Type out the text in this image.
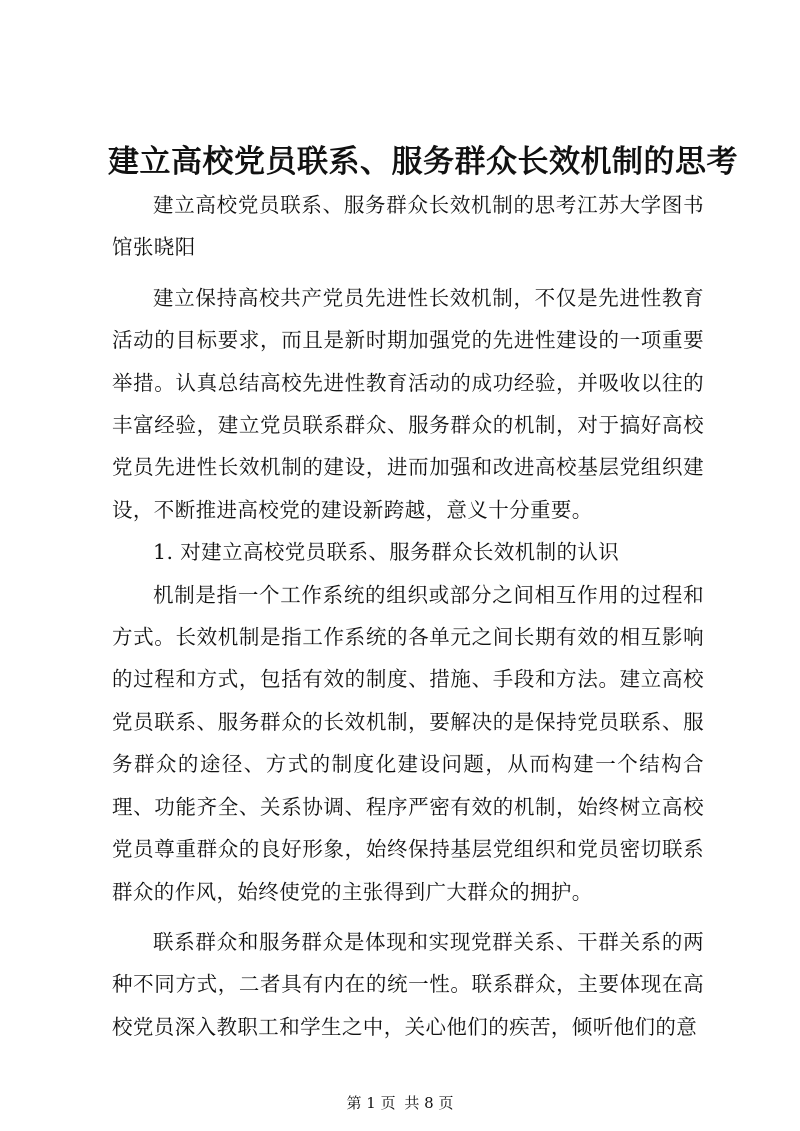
建立高校党员联系、服务群众长效机制的思考

建立高校党员联系、服务群众长效机制的思考江苏大学图书馆张晓阳

建立保持高校共产党员先进性长效机制，不仅是先进性教育活动的目标要求，而且是新时期加强党的先进性建设的一项重要举措。认真总结高校先进性教育活动的成功经验，并吸收以往的丰富经验，建立党员联系群众、服务群众的机制，对于搞好高校党员先进性长效机制的建设，进而加强和改进高校基层党组织建设，不断推进高校党的建设新跨越，意义十分重要。

1. 对建立高校党员联系、服务群众长效机制的认识

机制是指一个工作系统的组织或部分之间相互作用的过程和方式。长效机制是指工作系统的各单元之间长期有效的相互影响的过程和方式，包括有效的制度、措施、手段和方法。建立高校党员联系、服务群众的长效机制，要解决的是保持党员联系、服务群众的途径、方式的制度化建设问题，从而构建一个结构合理、功能齐全、关系协调、程序严密有效的机制，始终树立高校党员尊重群众的良好形象，始终保持基层党组织和党员密切联系群众的作风，始终使党的主张得到广大群众的拥护。

联系群众和服务群众是体现和实现党群关系、干群关系的两种不同方式，二者具有内在的统一性。联系群众，主要体现在高校党员深入教职工和学生之中，关心他们的疾苦，倾听他们的意

第 1 页 共 8 页
